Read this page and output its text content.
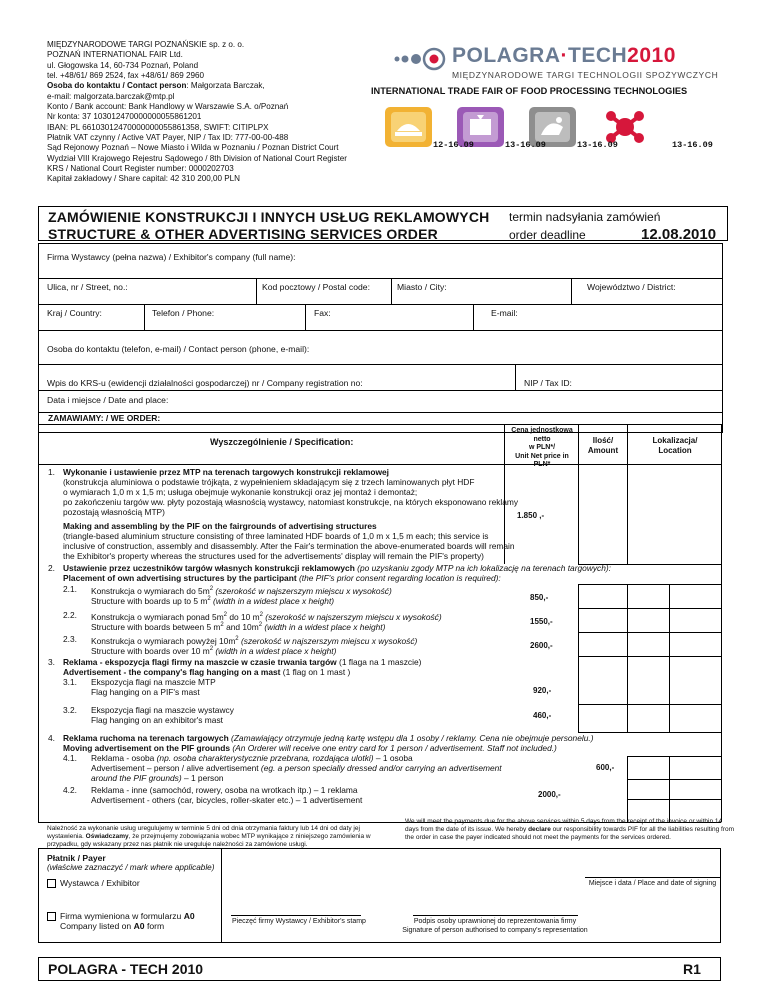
MIĘDZYNARODOWE TARGI POZNAŃSKIE sp. z o. o.
POZNAŃ INTERNATIONAL FAIR Ltd.
ul. Głogowska 14, 60-734 Poznań, Poland
tel. +48/61/ 869 2524, fax +48/61/ 869 2960
Osoba do kontaktu / Contact person: Małgorzata Barczak,
e-mail: malgorzata.barczak@mtp.pl
Konto / Bank account: Bank Handlowy w Warszawie S.A. o/Poznań
Nr konta: 37 103012470000000055861201
IBAN: PL 66103012470000000055861358, SWIFT: CITIPLPX
Płatnik VAT czynny / Active VAT Payer, NIP / Tax ID: 777-00-00-488
Sąd Rejonowy Poznań – Nowe Miasto i Wilda w Poznaniu / Poznan District Court
Wydział VIII Krajowego Rejestru Sądowego / 8th Division of National Court Register
KRS / National Court Register number: 0000202703
Kapitał zakładowy / Share capital: 42 310 200,00 PLN
POLAGRA·TECH2010
MIĘDZYNARODOWE TARGI TECHNOLOGII SPOŻYWCZYCH
INTERNATIONAL TRADE FAIR OF FOOD PROCESSING TECHNOLOGIES
12-16.09	13-16.09	13-16.09	13-16.09
ZAMÓWIENIE KONSTRUKCJI I INNYCH USŁUG REKLAMOWYCH
STRUCTURE & OTHER ADVERTISING SERVICES ORDER
termin nadsyłania zamówień
order deadline	12.08.2010
Firma Wystawcy (pełna nazwa) / Exhibitor's company (full name):
Ulica, nr / Street, no.:	Kod pocztowy / Postal code:	Miasto / City:	Województwo / District:
Kraj / Country:	Telefon / Phone:	Fax:	E-mail:
Osoba do kontaktu (telefon, e-mail) / Contact person (phone, e-mail):
Wpis do KRS-u (ewidencji działalności gospodarczej) nr / Company registration no:	NIP / Tax ID:
Data i miejsce / Date and place:
ZAMAWIAMY: / WE ORDER:
Wyszczególnienie / Specification:
Cena jednostkowa
netto
w PLN*/
Unit Net price in
PLN*
Ilość/
Amount
Lokalizacja/
Location
1. Wykonanie i ustawienie przez MTP na terenach targowych konstrukcji reklamowej
(konstrukcja aluminiowa o podstawie trójkąta, z wypełnieniem składającym się z trzech laminowanych płyt HDF
o wymiarach 1,0 m x 1,5 m; usługa obejmuje wykonanie konstrukcji oraz jej montaż i demontaż;
po zakończeniu targów ww. płyty pozostają własnością wystawcy, natomiast konstrukcje, na których eksponowano reklamy
pozostają własnością MTP)
Making and assembling by the PIF on the fairgrounds of advertising structures
(triangle-based aluminium structure consisting of three laminated HDF boards of 1,0 m x 1,5 m each; this service is
inclusive of construction, assembly and disassembly. After the Fair's termination the above-enumerated boards will remain
the Exhibitor's property whereas the structures used for the advertisements' display will remain the PIF's property)
1.850 ,-
2. Ustawienie przez uczestników targów własnych konstrukcji reklamowych (po uzyskaniu zgody MTP na ich lokalizację na terenach targowych):
Placement of own advertising structures by the participant (the PIF's prior consent regarding location is required):
2.1. Konstrukcja o wymiarach do $5m^2$ (szerokość w najszerszym miejscu x wysokość)
Structure with boards up to 5 $m^2$ (width in a widest place x height)	850,-
2.2. Konstrukcja o wymiarach ponad $5m^2$ do 10 $m^2$ (szerokość w najszerszym miejscu x wysokość)
Structure with boards between 5 $m^2$ and $10m^2$ (width in a widest place x height)
1550,-
2.3. Konstrukcja o wymiarach powyżej $10m^2$ (szerokość w najszerszym miejscu x wysokość)
Structure with boards over 10 $m^2$ (width in a widest place x height)
2600,-
3. Reklama - ekspozycja flagi firmy na maszcie w czasie trwania targów (1 flaga na 1 maszcie)
Advertisement - the company's flag hanging on a mast (1 flag on 1 mast )
3.1. Ekspozycja flagi na maszcie MTP
Flag hanging on a PIF's mast	920,-
3.2. Ekspozycja flagi na maszcie wystawcy
Flag hanging on an exhibitor's mast	460,-
4. Reklama ruchoma na terenach targowych (Zamawiający otrzymuje jedną kartę wstępu dla 1 osoby / reklamy. Cena nie obejmuje personelu.)
Moving advertisement on the PIF grounds (An Orderer will receive one entry card for 1 person / advertisement. Staff not included.)
4.1. Reklama - osoba (np. osoba charakterystycznie przebrana, rozdająca ulotki) – 1 osoba
Advertisement – person / alive advertisement (eg. a person specially dressed and/or carrying an advertisement
around the PIF grounds) – 1 person
600,-
4.2. Reklama - inne (samochód, rowery, osoba na wrotkach itp.) – 1 reklama
Advertisement - others (car, bicycles, roller-skater etc.) – 1 advertisement
2000,-
Należność za wykonanie usług uregulujemy w terminie 5 dni od dnia otrzymania faktury lub 14 dni od daty jej wystawienia. Oświadczamy, że przejmujemy zobowiązania wobec MTP wynikające z niniejszego zamówienia w przypadku, gdy wskazany przez nas płatnik nie ureguluje należności za zamówione usługi.
We will meet the payments due for the above services within 5 days from the receipt of the invoice or within 14 days from the date of its issue. We hereby declare our responsibility towards PIF for all the liabilities resulting from the order in case the payer indicated should not meet the payments for the services ordered.
Płatnik / Payer
(właściwe zaznaczyć / mark where applicable)
Wystawca / Exhibitor
Firma wymieniona w formularzu A0
Company listed on A0 form
Miejsce i data / Place and date of signing
Pieczęć firmy Wystawcy / Exhibitor's stamp	Podpis osoby uprawnionej do reprezentowania firmy
Signature of person authorised to company's representation
POLAGRA - TECH 2010	R1
